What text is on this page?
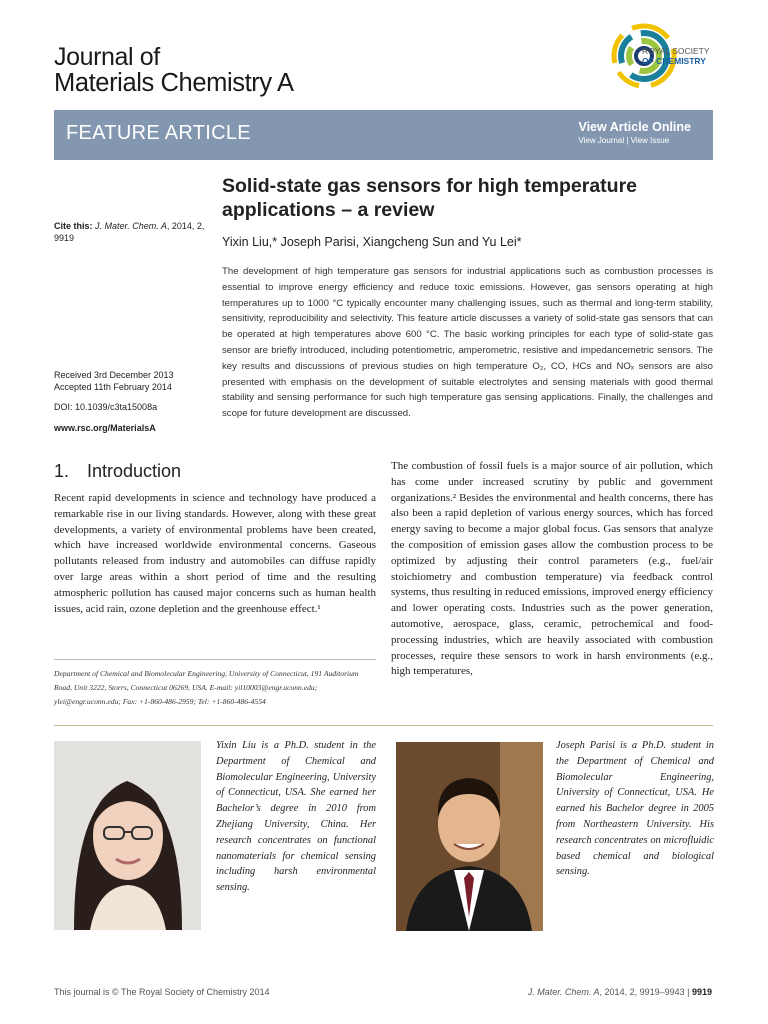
Journal of
Materials Chemistry A
ROYAL SOCIETY
OF CHEMISTRY
FEATURE ARTICLE	View Article Online
View Journal | View Issue
Solid-state gas sensors for high temperature applications – a review
Yixin Liu,* Joseph Parisi, Xiangcheng Sun and Yu Lei*
Cite this: J. Mater. Chem. A, 2014, 2, 9919
Received 3rd December 2013
Accepted 11th February 2014
DOI: 10.1039/c3ta15008a
www.rsc.org/MaterialsA
The development of high temperature gas sensors for industrial applications such as combustion processes is essential to improve energy efficiency and reduce toxic emissions. However, gas sensors operating at high temperatures up to 1000 °C typically encounter many challenging issues, such as thermal and long-term stability, sensitivity, reproducibility and selectivity. This feature article discusses a variety of solid-state gas sensors that can be operated at high temperatures above 600 °C. The basic working principles for each type of solid-state gas sensor are briefly introduced, including potentiometric, amperometric, resistive and impedancemetric sensors. The key results and discussions of previous studies on high temperature O₂, CO, HCs and NOₓ sensors are also presented with emphasis on the development of suitable electrolytes and sensing materials with good thermal stability and sensing performance for such high temperature gas sensing applications. Finally, the challenges and scope for future development are discussed.
1. Introduction
Recent rapid developments in science and technology have produced a remarkable rise in our living standards. However, along with these great developments, a variety of environmental problems have been created, which have increased worldwide environmental concerns. Gaseous pollutants released from industry and automobiles can diffuse rapidly over large areas within a short period of time and the resulting atmospheric pollution has caused major concerns such as human health issues, acid rain, ozone depletion and the greenhouse effect.¹
The combustion of fossil fuels is a major source of air pollution, which has come under increased scrutiny by public and government organizations.² Besides the environmental and health concerns, there has also been a rapid depletion of various energy sources, which has forced energy saving to become a major global focus. Gas sensors that analyze the composition of emission gases allow the combustion process to be optimized by adjusting their control parameters (e.g., fuel/air stoichiometry and combustion temperature) via feedback control systems, thus resulting in reduced emissions, improved energy efficiency and lower operating costs. Industries such as the power generation, automotive, aerospace, glass, ceramic, petrochemical and food-processing industries, which are heavily associated with combustion processes, require these sensors to work in harsh environments (e.g., high temperatures,
Department of Chemical and Biomolecular Engineering, University of Connecticut, 191 Auditorium Road, Unit 3222, Storrs, Connecticut 06269, USA. E-mail: yil10003@engr.uconn.edu; ylei@engr.uconn.edu; Fax: +1-860-486-2959; Tel: +1-860-486-4554
Yixin Liu is a Ph.D. student in the Department of Chemical and Biomolecular Engineering, University of Connecticut, USA. She earned her Bachelor’s degree in 2010 from Zhejiang University, China. Her research concentrates on functional nanomaterials for chemical sensing including harsh environmental sensing.
Joseph Parisi is a Ph.D. student in the Department of Chemical and Biomolecular Engineering, University of Connecticut, USA. He earned his Bachelor degree in 2005 from Northeastern University. His research concentrates on microfluidic based chemical and biological sensing.
This journal is © The Royal Society of Chemistry 2014	J. Mater. Chem. A, 2014, 2, 9919–9943 | 9919
